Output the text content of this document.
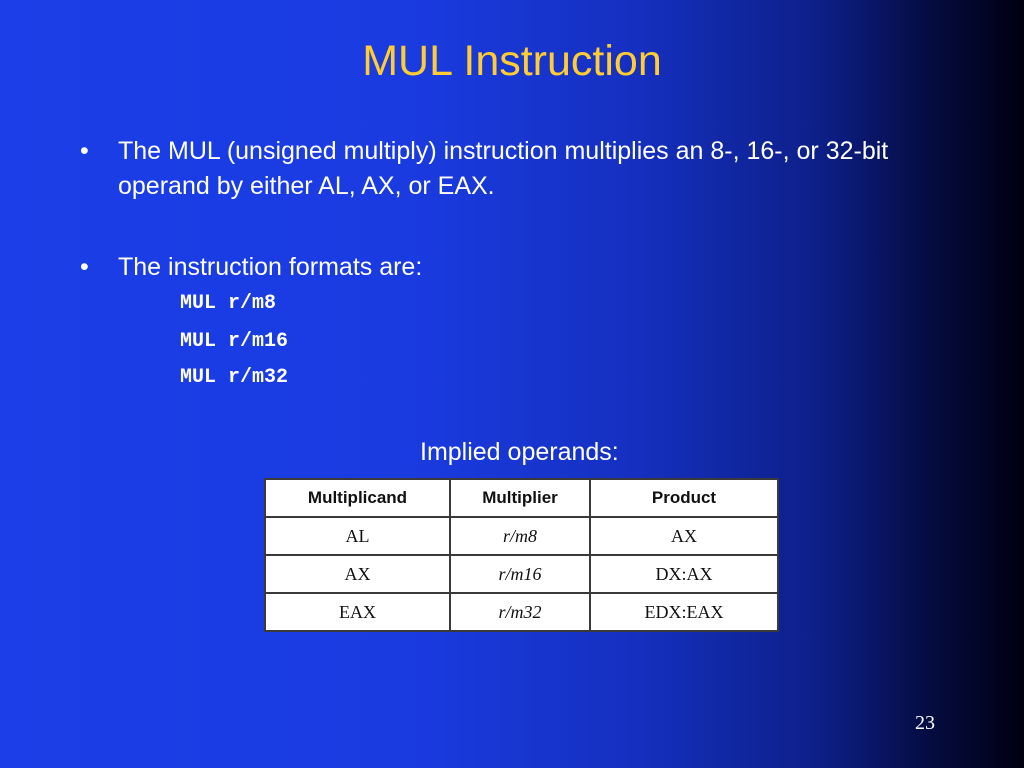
MUL Instruction
• The MUL (unsigned multiply) instruction multiplies an 8-, 16-, or 32-bit operand by either AL, AX, or EAX.
• The instruction formats are:
MUL r/m8
MUL r/m16
MUL r/m32
Implied operands:
Multiplicand	Multiplier	Product
AL	r/m8	AX
AX	r/m16	DX:AX
EAX	r/m32	EDX:EAX
23
